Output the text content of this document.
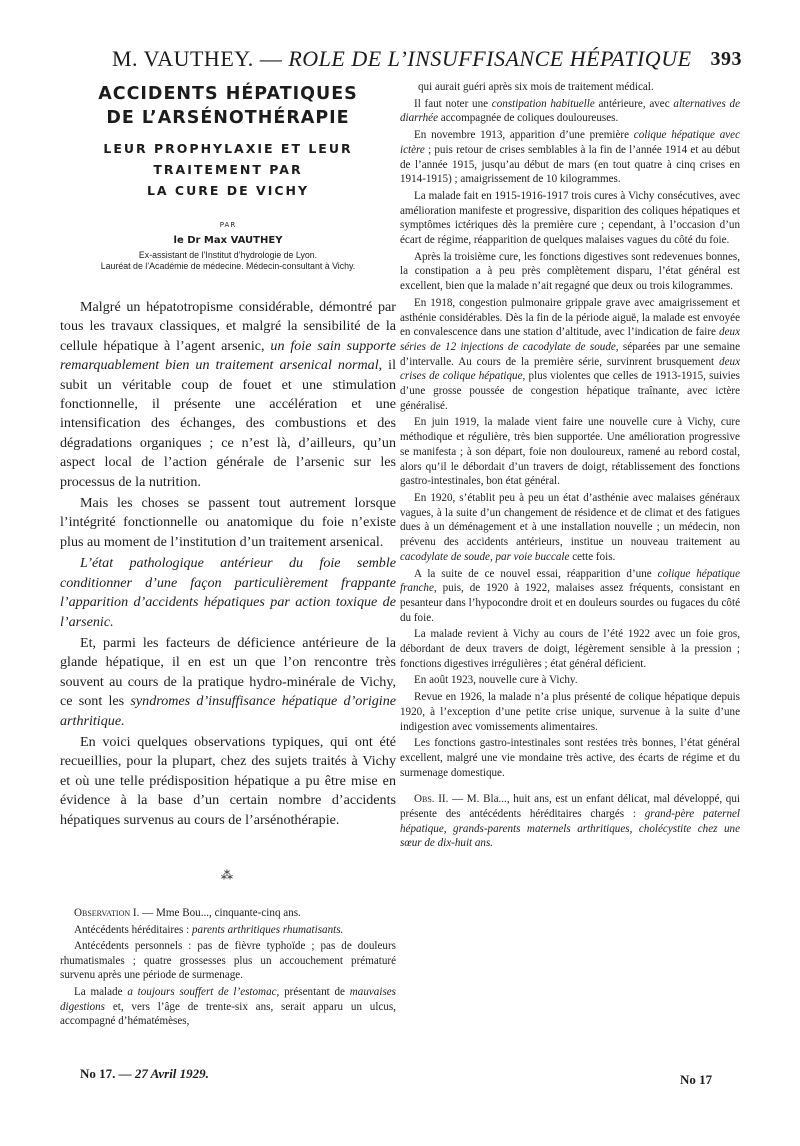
M. VAUTHEY. — ROLE DE L’INSUFFISANCE HÉPATIQUE 393
ACCIDENTS HÉPATIQUES
DE L’ARSÉNOTHÉRAPIE
LEUR PROPHYLAXIE ET LEUR
TRAITEMENT PAR
LA CURE DE VICHY

PAR

le Dr Max VAUTHEY

Ex-assistant de l’Institut d’hydrologie de Lyon.
Lauréat de l’Académie de médecine. Médecin-consultant à Vichy.

Malgré un hépatotropisme considérable, démontré par tous les travaux classiques, et malgré la sensibilité de la cellule hépatique à l’agent arsenic, un foie sain supporte remarquablement bien un traitement arsenical normal, il subit un véritable coup de fouet et une stimulation fonctionnelle, il présente une accélération et une intensification des échanges, des combustions et des dégradations organiques ; ce n’est là, d’ailleurs, qu’un aspect local de l’action générale de l’arsenic sur les processus de la nutrition.

Mais les choses se passent tout autrement lorsque l’intégrité fonctionnelle ou anatomique du foie n’existe plus au moment de l’institution d’un traitement arsenical.

L’état pathologique antérieur du foie semble conditionner d’une façon particulièrement frappante l’apparition d’accidents hépatiques par action toxique de l’arsenic.

Et, parmi les facteurs de déficience antérieure de la glande hépatique, il en est un que l’on rencontre très souvent au cours de la pratique hydro-minérale de Vichy, ce sont les syndromes d’insuffisance hépatique d’origine arthritique.

En voici quelques observations typiques, qui ont été recueillies, pour la plupart, chez des sujets traités à Vichy et où une telle prédisposition hépatique a pu être mise en évidence à la base d’un certain nombre d’accidents hépatiques survenus au cours de l’arsénothérapie.

⁂

Observation I. — Mme Bou..., cinquante-cinq ans.

Antécédents héréditaires : parents arthritiques rhumatisants.

Antécédents personnels : pas de fièvre typhoïde ; pas de douleurs rhumatismales ; quatre grossesses plus un accouchement prématuré survenu après une période de surmenage.

La malade a toujours souffert de l’estomac, présentant de mauvaises digestions et, vers l’âge de trente-six ans, serait apparu un ulcus, accompagné d’hématémèses,

qui aurait guéri après six mois de traitement médical.

Il faut noter une constipation habituelle antérieure, avec alternatives de diarrhée accompagnée de coliques douloureuses.

En novembre 1913, apparition d’une première colique hépatique avec ictère ; puis retour de crises semblables à la fin de l’année 1914 et au début de l’année 1915, jusqu’au début de mars (en tout quatre à cinq crises en 1914-1915) ; amaigrissement de 10 kilogrammes.

La malade fait en 1915-1916-1917 trois cures à Vichy consécutives, avec amélioration manifeste et progressive, disparition des coliques hépatiques et symptômes ictériques dès la première cure ; cependant, à l’occasion d’un écart de régime, réapparition de quelques malaises vagues du côté du foie.

Après la troisième cure, les fonctions digestives sont redevenues bonnes, la constipation a à peu près complètement disparu, l’état général est excellent, bien que la malade n’ait regagné que deux ou trois kilogrammes.

En 1918, congestion pulmonaire grippale grave avec amaigrissement et asthénie considérables. Dès la fin de la période aiguë, la malade est envoyée en convalescence dans une station d’altitude, avec l’indication de faire deux séries de 12 injections de cacodylate de soude, séparées par une semaine d’intervalle. Au cours de la première série, survinrent brusquement deux crises de colique hépatique, plus violentes que celles de 1913-1915, suivies d’une grosse poussée de congestion hépatique traînante, avec ictère généralisé.

En juin 1919, la malade vient faire une nouvelle cure à Vichy, cure méthodique et régulière, très bien supportée. Une amélioration progressive se manifesta ; à son départ, foie non douloureux, ramené au rebord costal, alors qu’il le débordait d’un travers de doigt, rétablissement des fonctions gastro-intestinales, bon état général.

En 1920, s’établit peu à peu un état d’asthénie avec malaises généraux vagues, à la suite d’un changement de résidence et de climat et des fatigues dues à un déménagement et à une installation nouvelle ; un médecin, non prévenu des accidents antérieurs, institue un nouveau traitement au cacodylate de soude, par voie buccale cette fois.

A la suite de ce nouvel essai, réapparition d’une colique hépatique franche, puis, de 1920 à 1922, malaises assez fréquents, consistant en pesanteur dans l’hypocondre droit et en douleurs sourdes ou fugaces du côté du foie.

La malade revient à Vichy au cours de l’été 1922 avec un foie gros, débordant de deux travers de doigt, légèrement sensible à la pression ; fonctions digestives irrégulières ; état général déficient.

En août 1923, nouvelle cure à Vichy.

Revue en 1926, la malade n’a plus présenté de colique hépatique depuis 1920, à l’exception d’une petite crise unique, survenue à la suite d’une indigestion avec vomissements alimentaires.

Les fonctions gastro-intestinales sont restées très bonnes, l’état général excellent, malgré une vie mondaine très active, des écarts de régime et du surmenage domestique.

Obs. II. — M. Bla..., huit ans, est un enfant délicat, mal développé, qui présente des antécédents héréditaires chargés : grand-père paternel hépatique, grands-parents maternels arthritiques, cholécystite chez une sœur de dix-huit ans.

No 17. — 27 Avril 1929.	No 17
